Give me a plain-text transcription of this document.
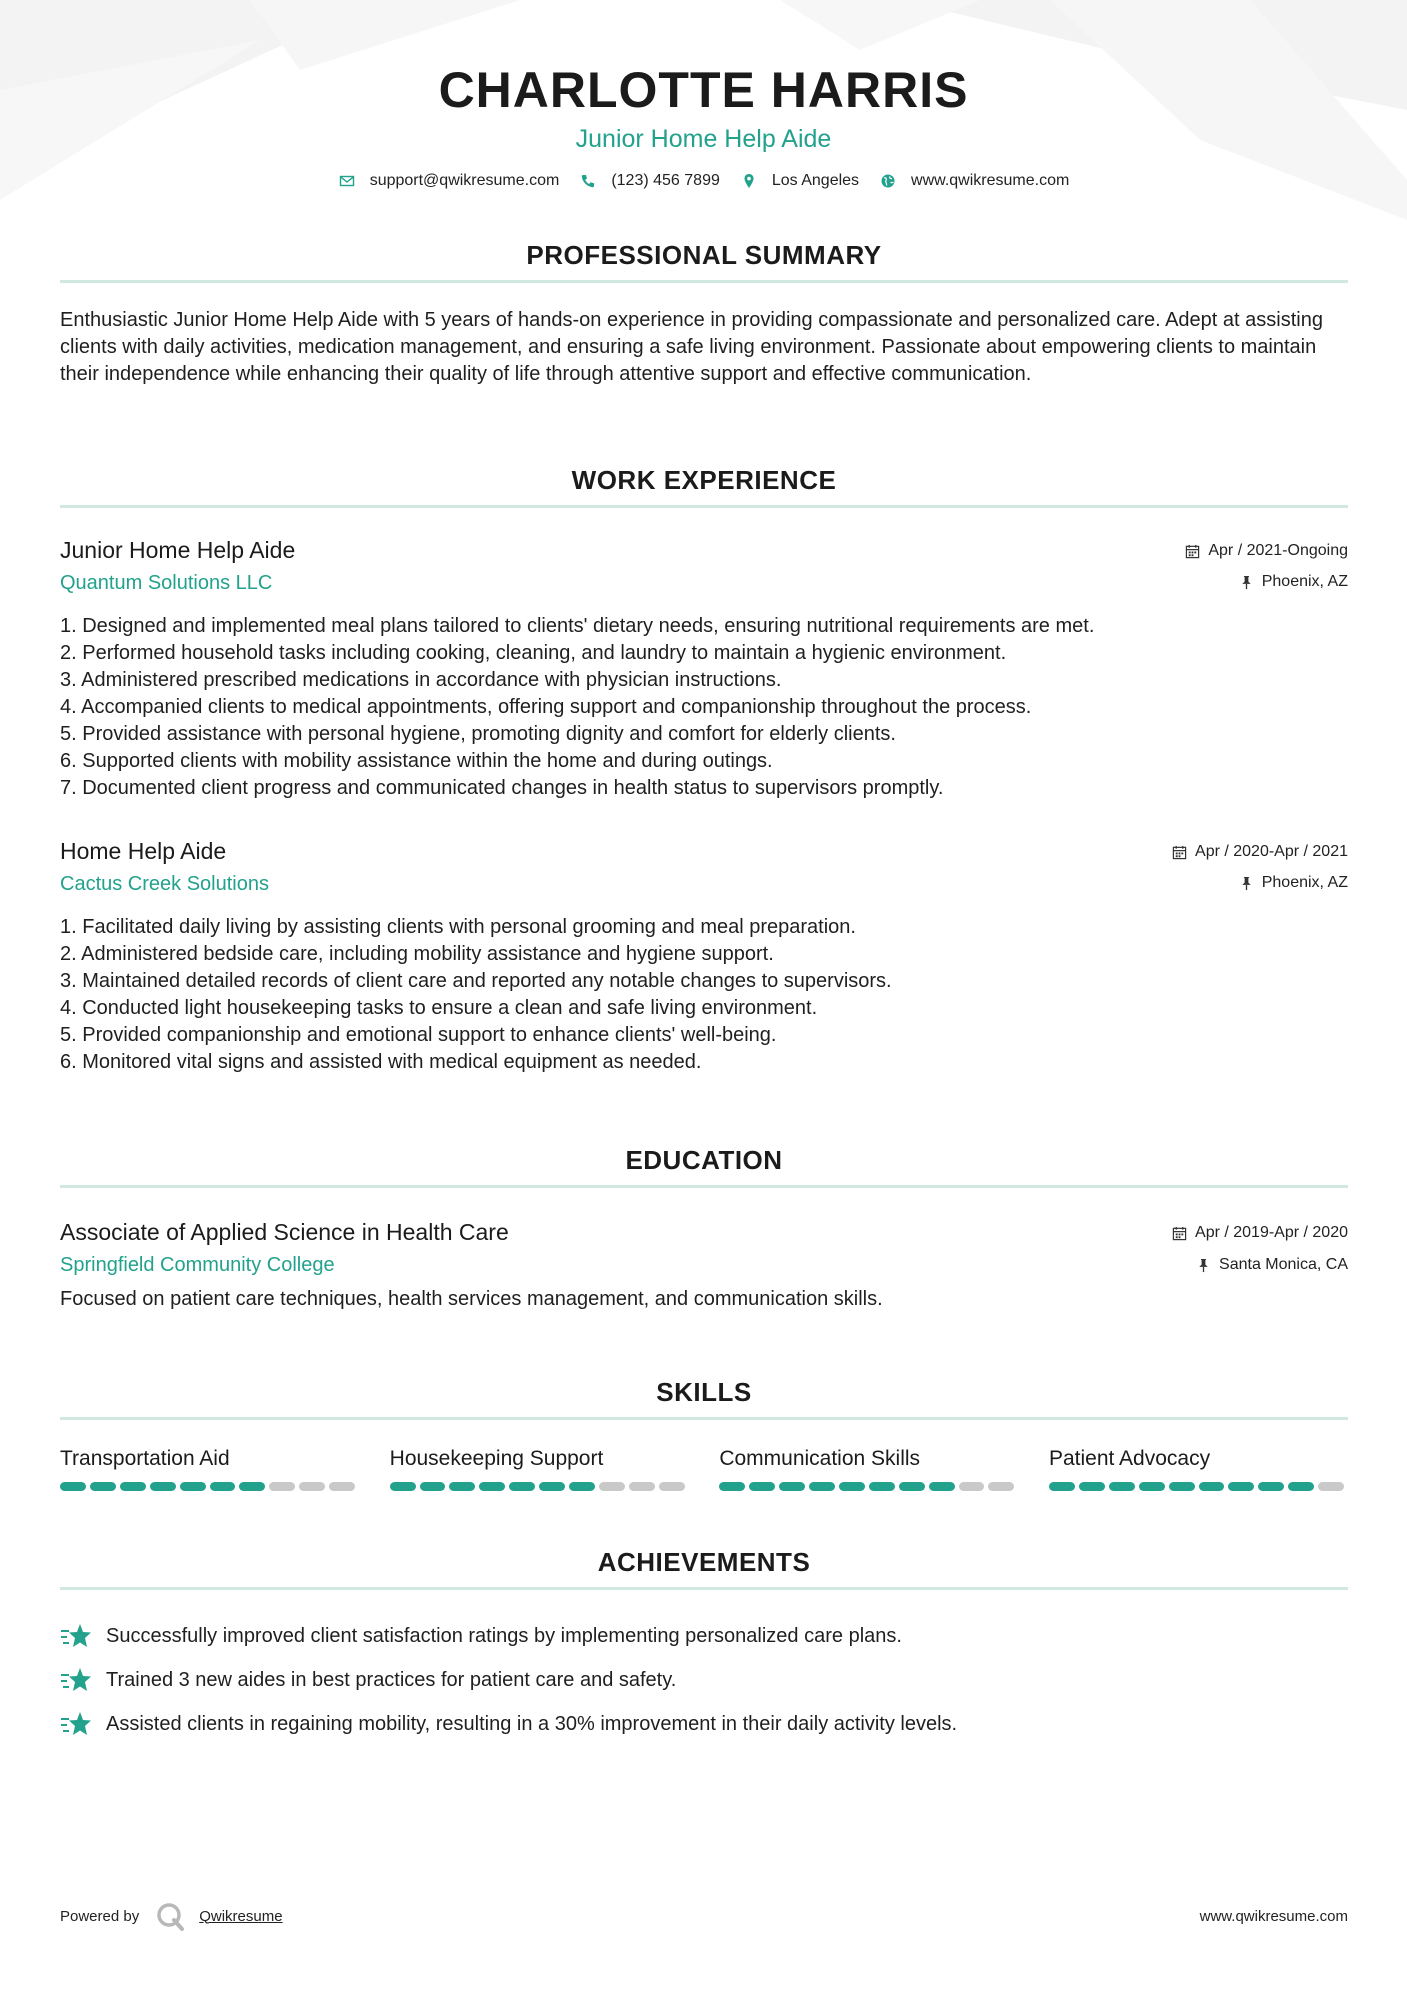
CHARLOTTE HARRIS
Junior Home Help Aide
support@qwikresume.com	(123) 456 7899	Los Angeles	www.qwikresume.com
PROFESSIONAL SUMMARY
Enthusiastic Junior Home Help Aide with 5 years of hands-on experience in providing compassionate and personalized care. Adept at assisting clients with daily activities, medication management, and ensuring a safe living environment. Passionate about empowering clients to maintain their independence while enhancing their quality of life through attentive support and effective communication.
WORK EXPERIENCE
Junior Home Help Aide
Quantum Solutions LLC
Apr / 2021-Ongoing
Phoenix, AZ
1. Designed and implemented meal plans tailored to clients' dietary needs, ensuring nutritional requirements are met.
2. Performed household tasks including cooking, cleaning, and laundry to maintain a hygienic environment.
3. Administered prescribed medications in accordance with physician instructions.
4. Accompanied clients to medical appointments, offering support and companionship throughout the process.
5. Provided assistance with personal hygiene, promoting dignity and comfort for elderly clients.
6. Supported clients with mobility assistance within the home and during outings.
7. Documented client progress and communicated changes in health status to supervisors promptly.
Home Help Aide
Cactus Creek Solutions
Apr / 2020-Apr / 2021
Phoenix, AZ
1. Facilitated daily living by assisting clients with personal grooming and meal preparation.
2. Administered bedside care, including mobility assistance and hygiene support.
3. Maintained detailed records of client care and reported any notable changes to supervisors.
4. Conducted light housekeeping tasks to ensure a clean and safe living environment.
5. Provided companionship and emotional support to enhance clients' well-being.
6. Monitored vital signs and assisted with medical equipment as needed.
EDUCATION
Associate of Applied Science in Health Care
Springfield Community College
Apr / 2019-Apr / 2020
Santa Monica, CA
Focused on patient care techniques, health services management, and communication skills.
SKILLS
Transportation Aid	Housekeeping Support	Communication Skills	Patient Advocacy
ACHIEVEMENTS
Successfully improved client satisfaction ratings by implementing personalized care plans.
Trained 3 new aides in best practices for patient care and safety.
Assisted clients in regaining mobility, resulting in a 30% improvement in their daily activity levels.
Powered by	Qwikresume	www.qwikresume.com
